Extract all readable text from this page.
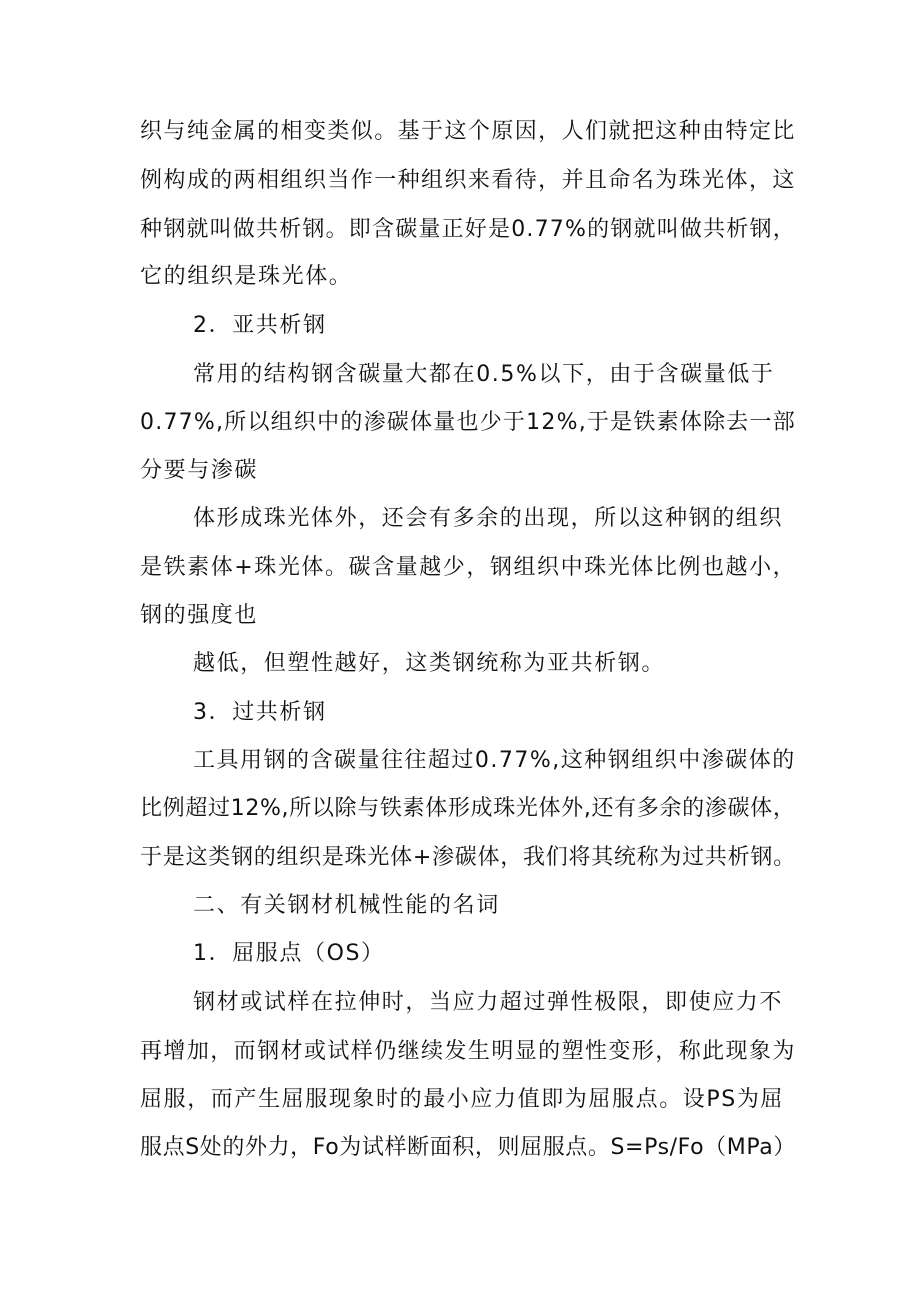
织与纯金属的相变类似。基于这个原因，人们就把这种由特定比

例构成的两相组织当作一种组织来看待，并且命名为珠光体，这

种钢就叫做共析钢。即含碳量正好是0.77%的钢就叫做共析钢，

它的组织是珠光体。

2．亚共析钢

常用的结构钢含碳量大都在0.5%以下，由于含碳量低于

0.77%,所以组织中的渗碳体量也少于12%,于是铁素体除去一部

分要与渗碳

体形成珠光体外，还会有多余的出现，所以这种钢的组织

是铁素体+珠光体。碳含量越少，钢组织中珠光体比例也越小，

钢的强度也

越低，但塑性越好，这类钢统称为亚共析钢。

3．过共析钢

工具用钢的含碳量往往超过0.77%,这种钢组织中渗碳体的

比例超过12%,所以除与铁素体形成珠光体外,还有多余的渗碳体，

于是这类钢的组织是珠光体+渗碳体，我们将其统称为过共析钢。

二、有关钢材机械性能的名词

1．屈服点（OS）

钢材或试样在拉伸时，当应力超过弹性极限，即使应力不

再增加，而钢材或试样仍继续发生明显的塑性变形，称此现象为

屈服，而产生屈服现象时的最小应力值即为屈服点。设PS为屈

服点S处的外力，Fo为试样断面积，则屈服点。S=Ps/Fo（MPa）
